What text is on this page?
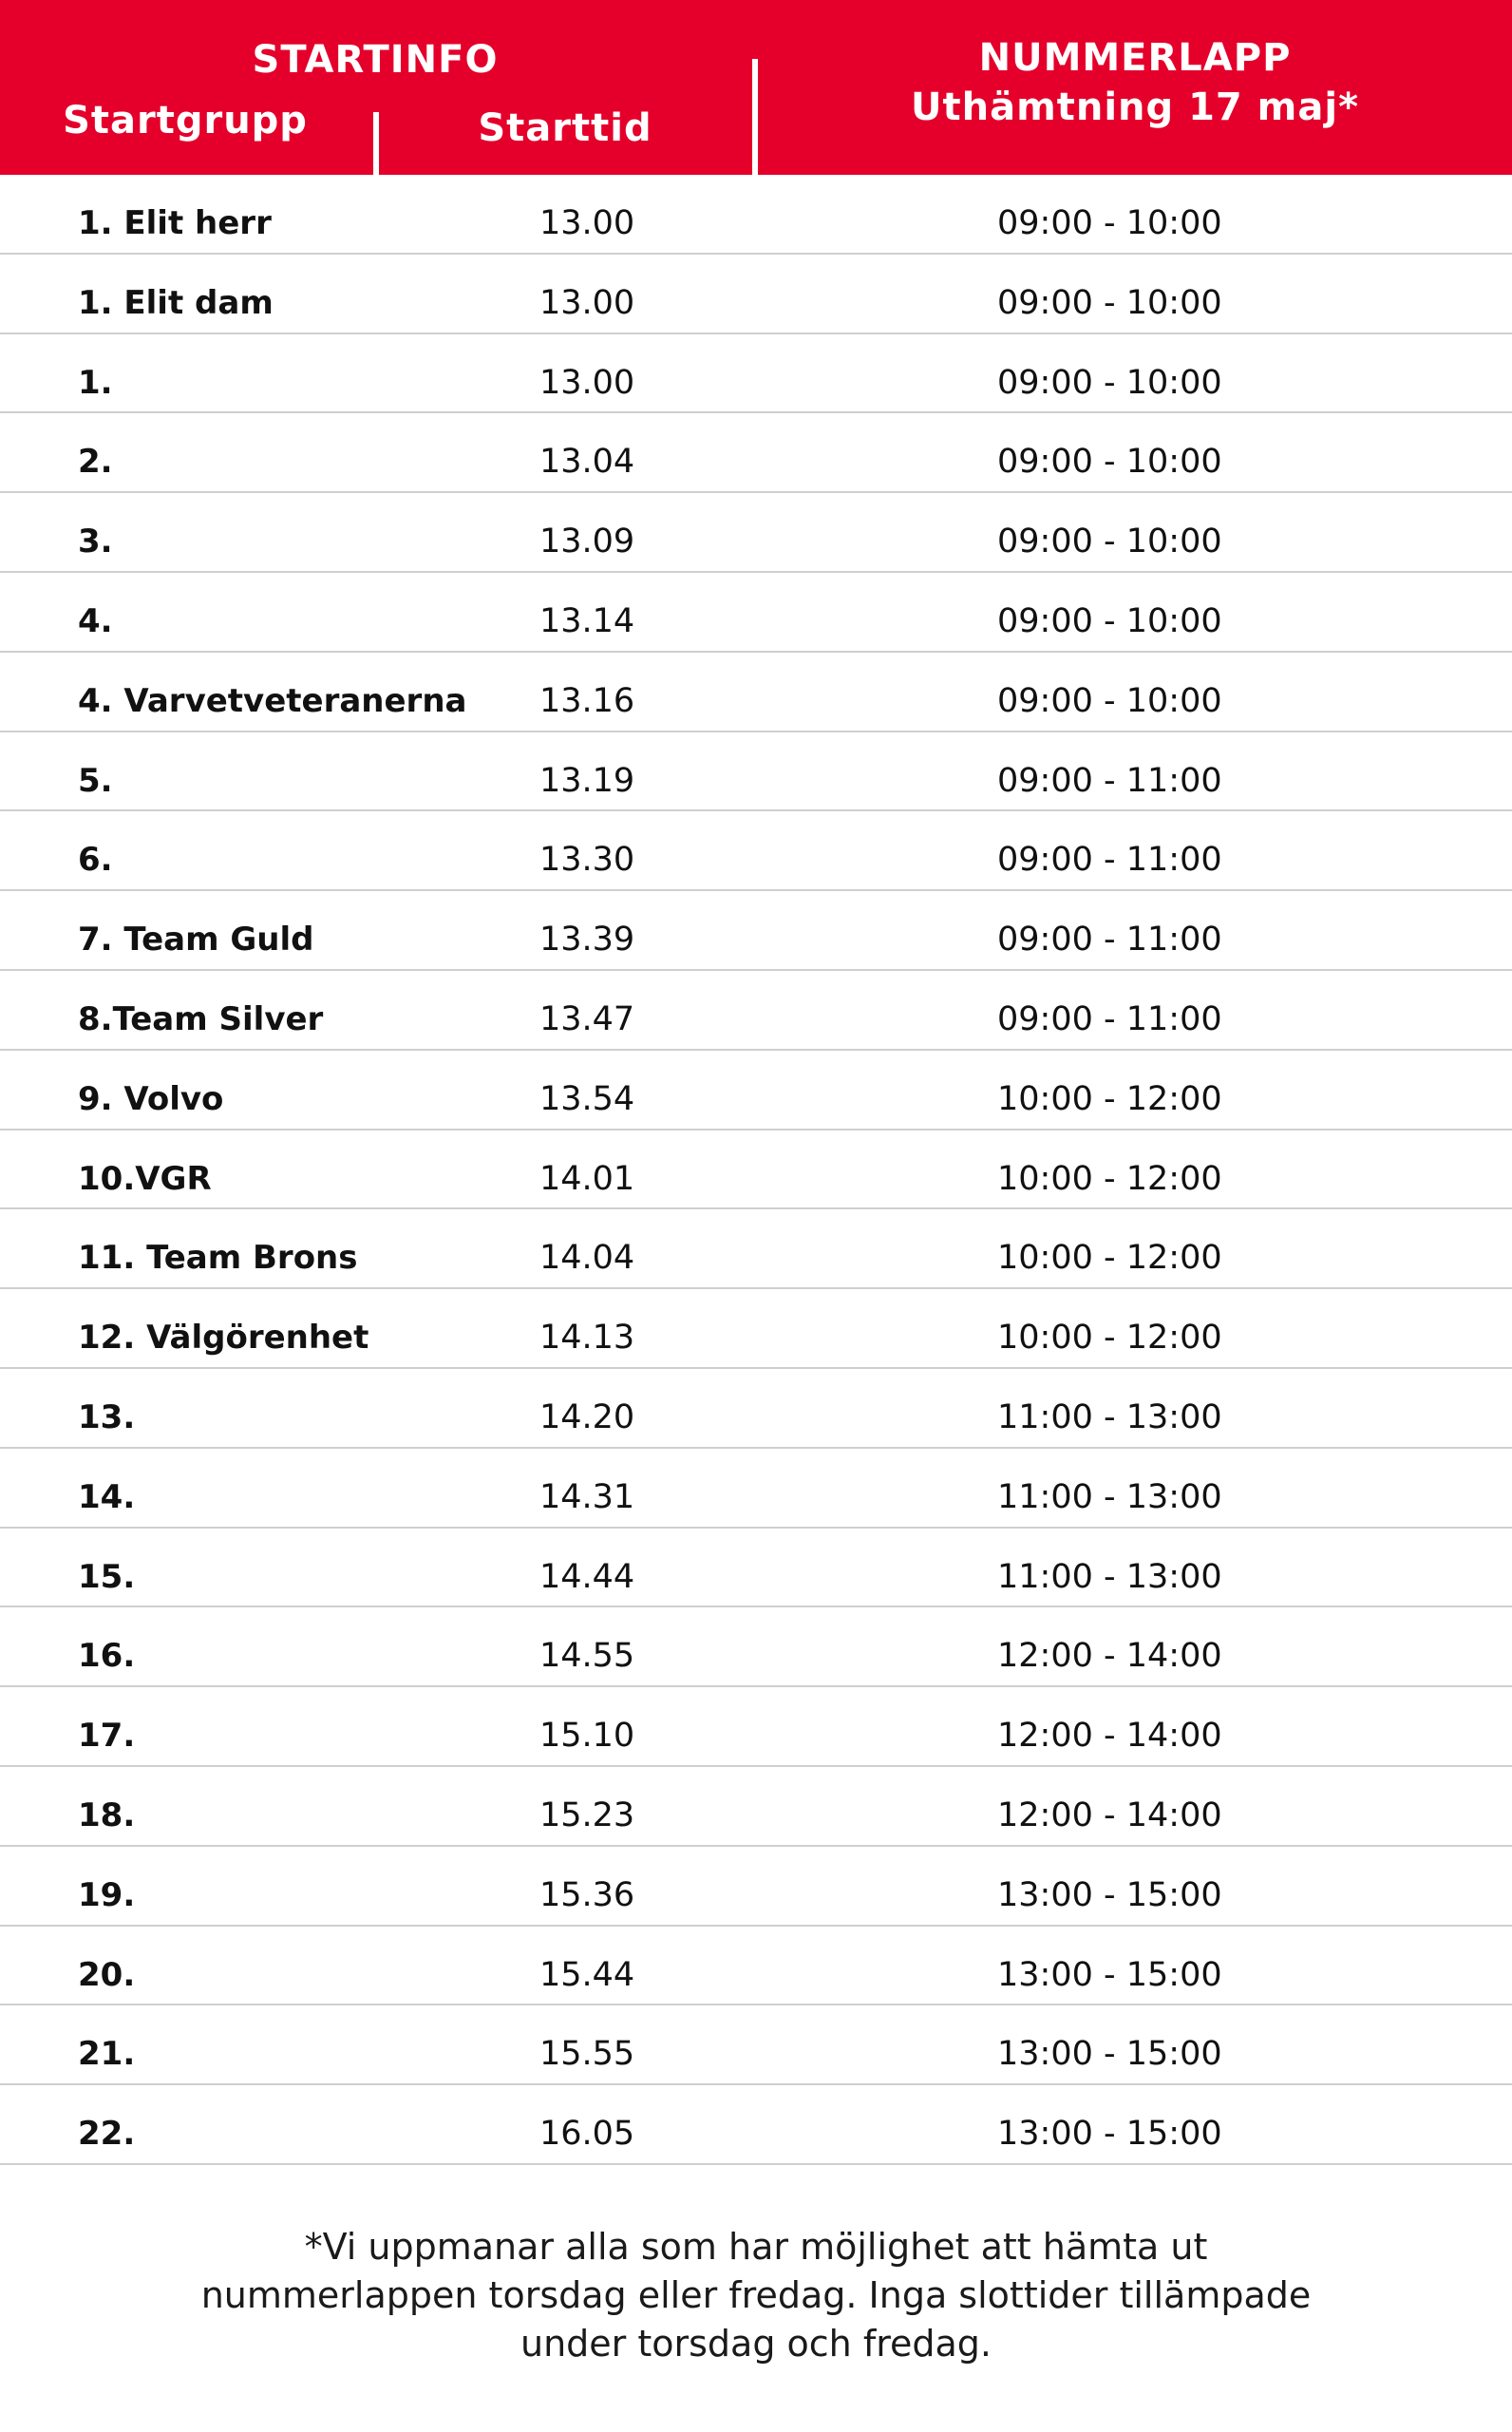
STARTINFO
Startgrupp	Starttid
NUMMERLAPP
Uthämtning 17 maj*
1. Elit herr	13.00	09:00 - 10:00
1. Elit dam	13.00	09:00 - 10:00
1.	13.00	09:00 - 10:00
2.	13.04	09:00 - 10:00
3.	13.09	09:00 - 10:00
4.	13.14	09:00 - 10:00
4. Varvetveteranerna 13.16	09:00 - 10:00
5.	13.19	09:00 - 11:00
6.	13.30	09:00 - 11:00
7. Team Guld	13.39	09:00 - 11:00
8.Team Silver	13.47	09:00 - 11:00
9. Volvo	13.54	10:00 - 12:00
10.VGR	14.01	10:00 - 12:00
11. Team Brons	14.04	10:00 - 12:00
12. Välgörenhet	14.13	10:00 - 12:00
13.	14.20	11:00 - 13:00
14.	14.31	11:00 - 13:00
15.	14.44	11:00 - 13:00
16.	14.55	12:00 - 14:00
17.	15.10	12:00 - 14:00
18.	15.23	12:00 - 14:00
19.	15.36	13:00 - 15:00
20.	15.44	13:00 - 15:00
21.	15.55	13:00 - 15:00
22.	16.05	13:00 - 15:00
*Vi uppmanar alla som har möjlighet att hämta ut
nummerlappen torsdag eller fredag. Inga slottider tillämpade
under torsdag och fredag.
